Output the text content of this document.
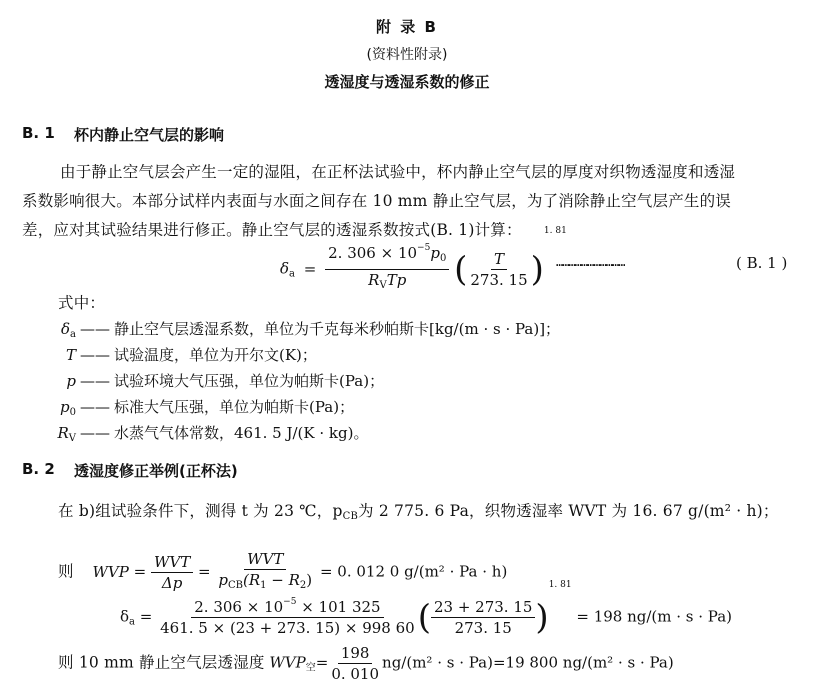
附 录 B
(资料性附录)
透湿度与透湿系数的修正
B. 1 杯内静止空气层的影响
由于静止空气层会产生一定的湿阻，在正杯法试验中，杯内静止空气层的厚度对织物透湿度和透湿
系数影响很大。本部分试样内表面与水面之间存在 10 mm 静止空气层，为了消除静止空气层产生的误
差，应对其试验结果进行修正。静止空气层的透湿系数按式(B. 1)计算：
$\delta_a = \frac{2. 306 \times 10^{-5}p_0}{R_VTp}$ ( $\frac{T}{273. 15} )^{1. 81}$
……………………………	( B. 1 )
式中：
$\delta_a$ —— 静止空气层透湿系数，单位为千克每米秒帕斯卡[kg/(m · s · Pa)]；
T —— 试验温度，单位为开尔文(K)；
p —— 试验环境大气压强，单位为帕斯卡(Pa)；
$p_0$ —— 标准大气压强，单位为帕斯卡(Pa)；
$R_V$ —— 水蒸气气体常数，461. 5 J/(K · kg)。
B. 2 透湿度修正举例(正杯法)
在 b)组试验条件下，测得 t 为 23 ℃，pCB为 2 775. 6 Pa，织物透湿率 WVT 为 16. 67 g/(m² · h)；
则 WVP = $\frac{\text{WVT}}{\Delta p} = \frac{\text{WVT}}{p_{CB}(R_1 - R_2)} = 0$. 012 0 g/(m² · Pa · h)
$\delta_a = \frac{2. 306 \times 10^{-5} \times 101 325}{461. 5 \times (23 + 273. 15) \times 998 60}$ ( $\frac{23 + 273. 15}{273. 15} )^{1. 81} = 198$ ng/(m · s · Pa)
则 10 mm 静止空气层透湿度 $WVP_空= \frac{198}{0. 010} ng/(m^2 \cdot s \cdot Pa)=19$ 800 ng/(m² · s · Pa)
